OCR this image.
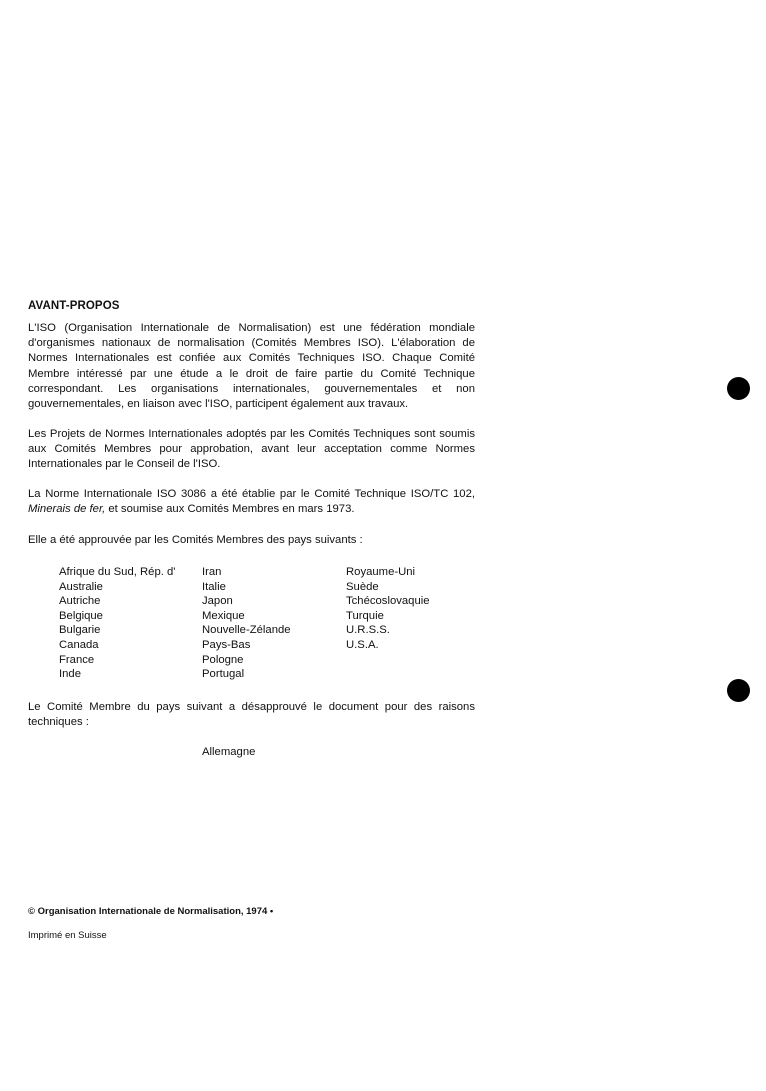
AVANT-PROPOS
L'ISO (Organisation Internationale de Normalisation) est une fédération mondiale d'organismes nationaux de normalisation (Comités Membres ISO). L'élaboration de Normes Internationales est confiée aux Comités Techniques ISO. Chaque Comité Membre intéressé par une étude a le droit de faire partie du Comité Technique correspondant. Les organisations internationales, gouvernementales et non gouvernementales, en liaison avec l'ISO, participent également aux travaux.
Les Projets de Normes Internationales adoptés par les Comités Techniques sont soumis aux Comités Membres pour approbation, avant leur acceptation comme Normes Internationales par le Conseil de l'ISO.
La Norme Internationale ISO 3086 a été établie par le Comité Technique ISO/TC 102, Minerais de fer, et soumise aux Comités Membres en mars 1973.
Elle a été approuvée par les Comités Membres des pays suivants :
Afrique du Sud, Rép. d'
Australie
Autriche
Belgique
Bulgarie
Canada
France
Inde
Iran
Italie
Japon
Mexique
Nouvelle-Zélande
Pays-Bas
Pologne
Portugal
Royaume-Uni
Suède
Tchécoslovaquie
Turquie
U.R.S.S.
U.S.A.
Le Comité Membre du pays suivant a désapprouvé le document pour des raisons techniques :
Allemagne
© Organisation Internationale de Normalisation, 1974 •
Imprimé en Suisse
